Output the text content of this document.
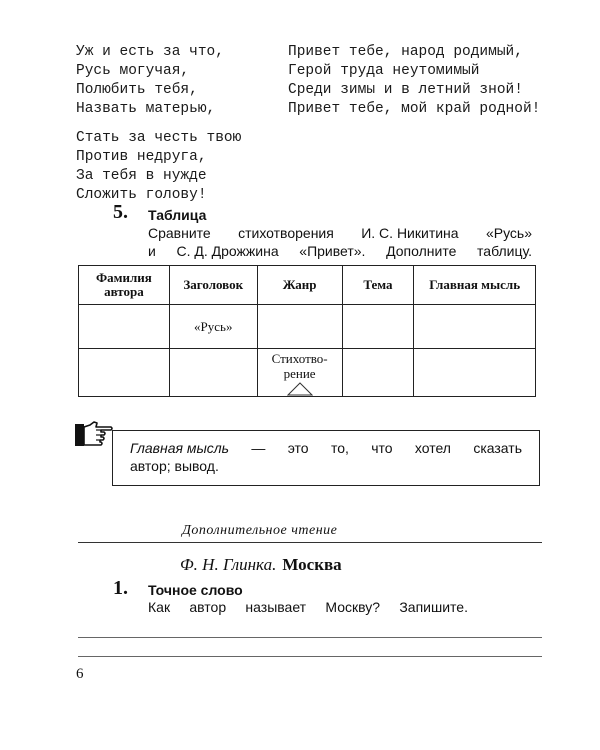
Уж и есть за что,
Русь могучая,
Полюбить тебя,
Назвать матерью,
Стать за честь твою
Против недруга,
За тебя в нужде
Сложить голову!
Привет тебе, народ родимый,
Герой труда неутомимый
Среди зимы и в летний зной!
Привет тебе, мой край родной!
5. Таблица
Сравните стихотворения И. С. Никитина «Русь»
и С. Д. Дрожжина «Привет». Дополните таблицу.
Фамилия автора	Заголовок	Жанр	Тема	Главная мысль
	«Русь»			

		Стихотво-
рение		

Главная мысль — это то, что хотел сказать
автор; вывод.
Дополнительное чтение
Ф. Н. Глинка. Москва
1. Точное слово
Как автор называет Москву? Запишите.
6
